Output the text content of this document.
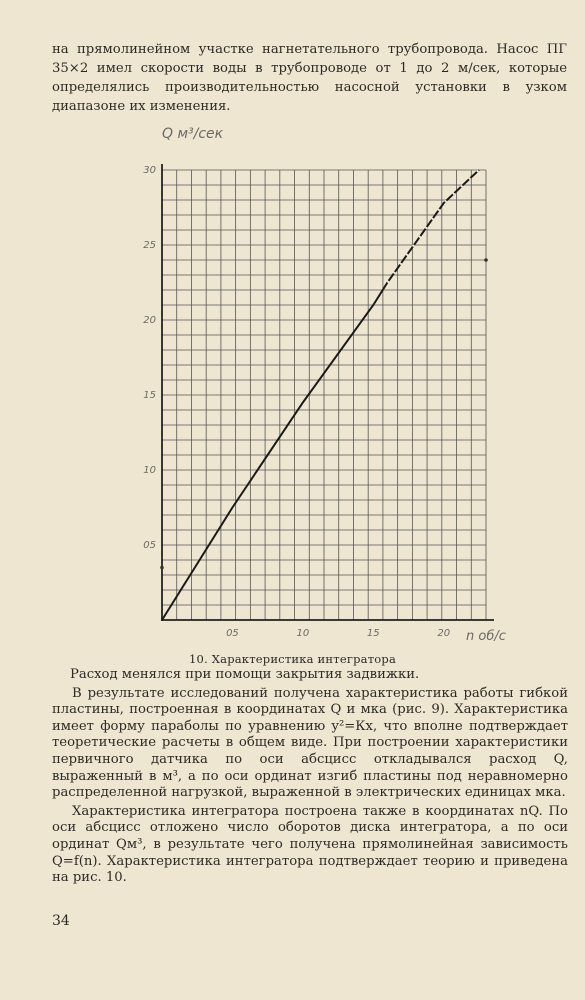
на прямолинейном участке нагнетательного трубопровода. Насос ПГ 35×2 имел скорости воды в трубопроводе от 1 до 2 м/сек, которые определялись производительностью насосной установки в узком диапазоне их изменения.
05	10	15	20
05
10
15
20
25
30
Q м³/сек
n об/с
10. Характеристика интегратора

Расход менялся при помощи закрытия задвижки.

В результате исследований получена характеристика работы гибкой пластины, построенная в координатах Q и мка (рис. 9). Характеристика имеет форму параболы по уравнению y²=Кх, что вполне подтверждает теоретические расчеты в общем виде. При построении характеристики первичного датчика по оси абсцисс откладывался расход Q, выраженный в м³, а по оси ординат изгиб пластины под неравномерно распределенной нагрузкой, выраженной в электрических единицах мка.

Характеристика интегратора построена также в координатах nQ. По оси абсцисс отложено число оборотов диска интегратора, а по оси ординат Qм³, в результате чего получена прямолинейная зависимость Q=f(n). Характеристика интегратора подтверждает теорию и приведена на рис. 10.

34
